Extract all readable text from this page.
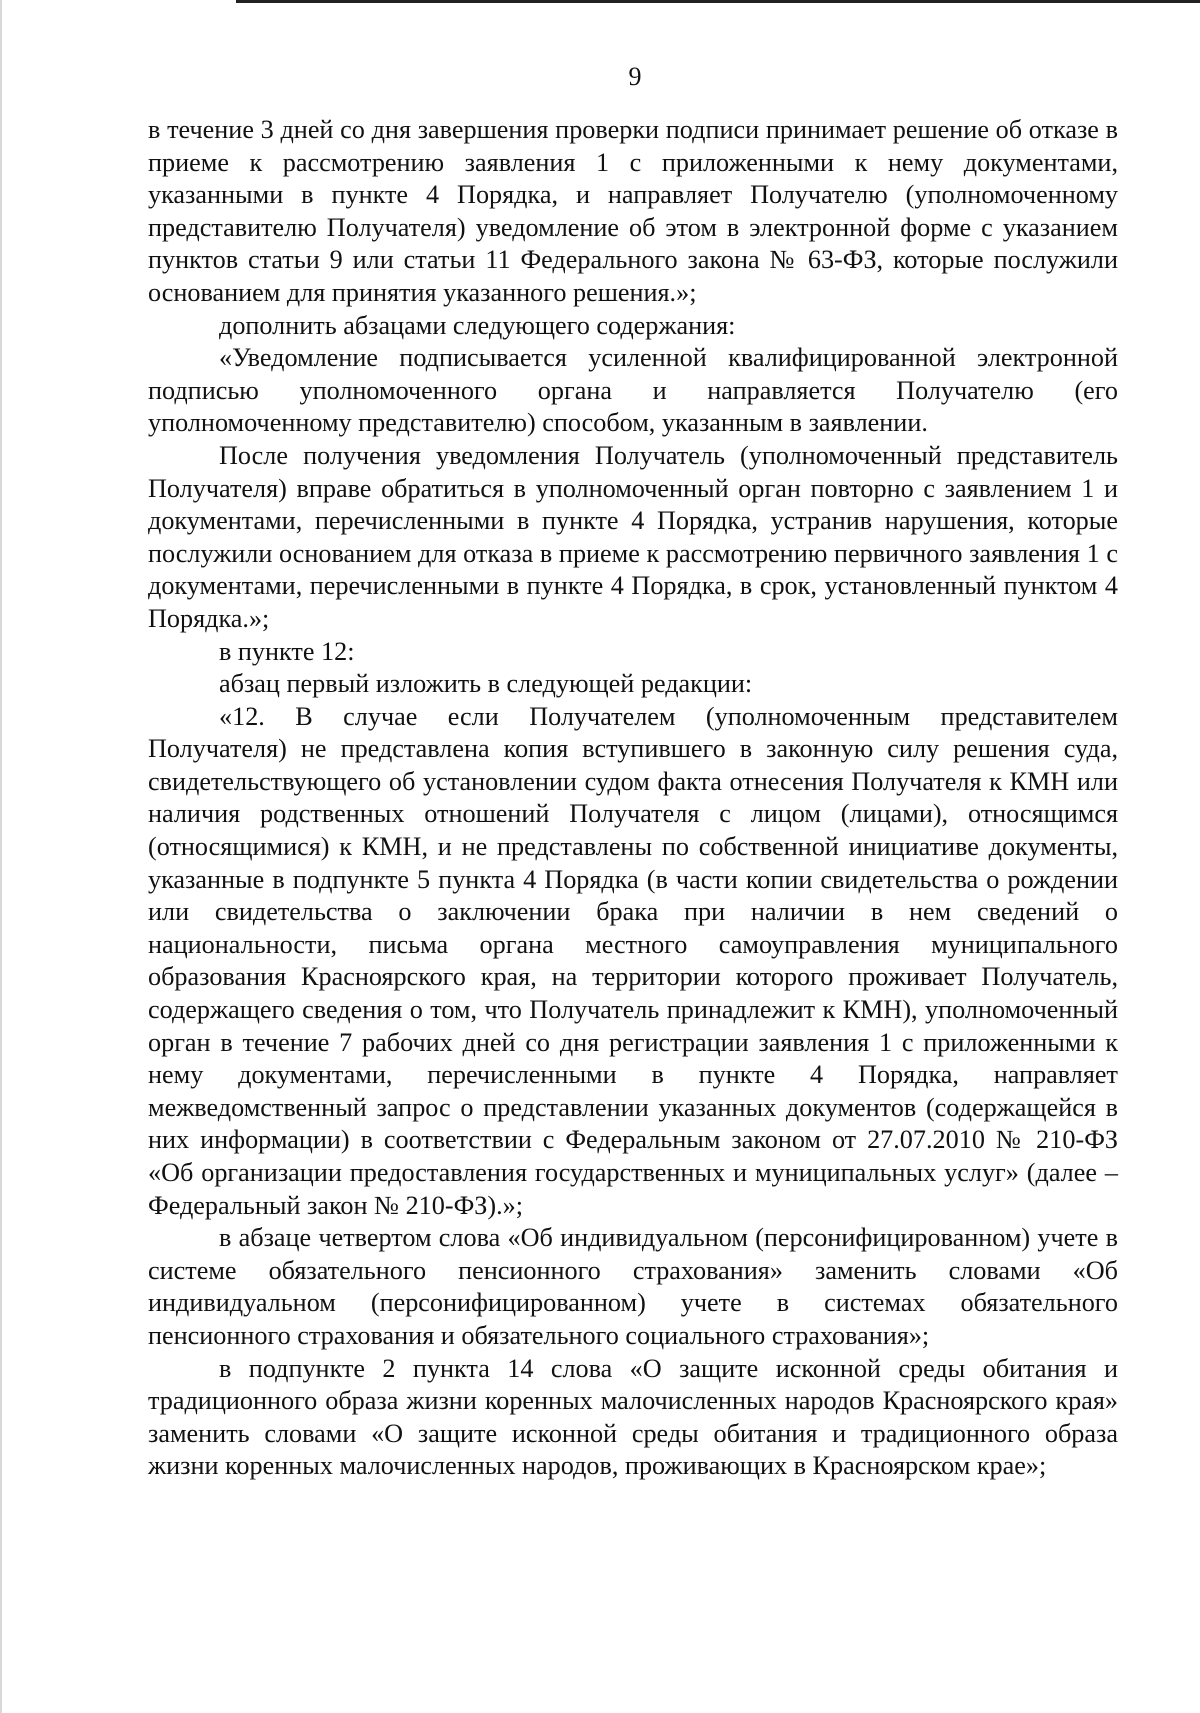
9

в течение 3 дней со дня завершения проверки подписи принимает решение об отказе в приеме к рассмотрению заявления 1 с приложенными к нему документами, указанными в пункте 4 Порядка, и направляет Получателю (уполномоченному представителю Получателя) уведомление об этом в электронной форме с указанием пунктов статьи 9 или статьи 11 Федерального закона № 63-ФЗ, которые послужили основанием для принятия указанного решения.»;

дополнить абзацами следующего содержания:

«Уведомление подписывается усиленной квалифицированной электронной подписью уполномоченного органа и направляется Получателю (его уполномоченному представителю) способом, указанным в заявлении.

После получения уведомления Получатель (уполномоченный представитель Получателя) вправе обратиться в уполномоченный орган повторно с заявлением 1 и документами, перечисленными в пункте 4 Порядка, устранив нарушения, которые послужили основанием для отказа в приеме к рассмотрению первичного заявления 1 с документами, перечисленными в пункте 4 Порядка, в срок, установленный пунктом 4 Порядка.»;

в пункте 12:

абзац первый изложить в следующей редакции:

«12. В случае если Получателем (уполномоченным представителем Получателя) не представлена копия вступившего в законную силу решения суда, свидетельствующего об установлении судом факта отнесения Получателя к КМН или наличия родственных отношений Получателя с лицом (лицами), относящимся (относящимися) к КМН, и не представлены по собственной инициативе документы, указанные в подпункте 5 пункта 4 Порядка (в части копии свидетельства о рождении или свидетельства о заключении брака при наличии в нем сведений о национальности, письма органа местного самоуправления муниципального образования Красноярского края, на территории которого проживает Получатель, содержащего сведения о том, что Получатель принадлежит к КМН), уполномоченный орган в течение 7 рабочих дней со дня регистрации заявления 1 с приложенными к нему документами, перечисленными в пункте 4 Порядка, направляет межведомственный запрос о представлении указанных документов (содержащейся в них информации) в соответствии с Федеральным законом от 27.07.2010 № 210-ФЗ «Об организации предоставления государственных и муниципальных услуг» (далее – Федеральный закон № 210-ФЗ).»;

в абзаце четвертом слова «Об индивидуальном (персонифицированном) учете в системе обязательного пенсионного страхования» заменить словами «Об индивидуальном (персонифицированном) учете в системах обязательного пенсионного страхования и обязательного социального страхования»;

в подпункте 2 пункта 14 слова «О защите исконной среды обитания и традиционного образа жизни коренных малочисленных народов Красноярского края» заменить словами «О защите исконной среды обитания и традиционного образа жизни коренных малочисленных народов, проживающих в Красноярском крае»;
